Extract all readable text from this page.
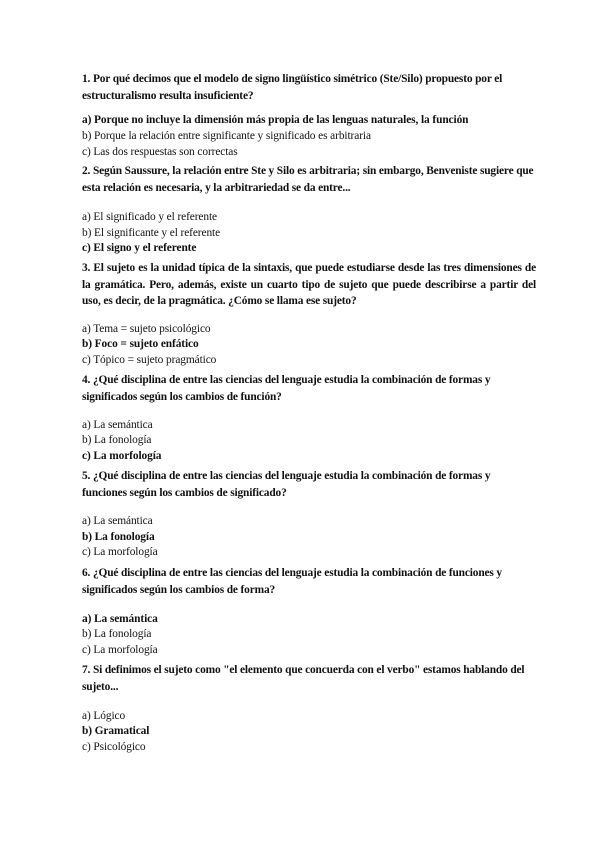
1. Por qué decimos que el modelo de signo lingüístico simétrico (Ste/Silo) propuesto por el estructuralismo resulta insuficiente?
a) Porque no incluye la dimensión más propia de las lenguas naturales, la función
b) Porque la relación entre significante y significado es arbitraria
c) Las dos respuestas son correctas
2. Según Saussure, la relación entre Ste y Silo es arbitraria; sin embargo, Benveniste sugiere que esta relación es necesaria, y la arbitrariedad se da entre...
a) El significado y el referente
b) El significante y el referente
c) El signo y el referente
3. El sujeto es la unidad típica de la sintaxis, que puede estudiarse desde las tres dimensiones de la gramática. Pero, además, existe un cuarto tipo de sujeto que puede describirse a partir del uso, es decir, de la pragmática. ¿Cómo se llama ese sujeto?
a) Tema = sujeto psicológico
b) Foco = sujeto enfático
c) Tópico = sujeto pragmático
4. ¿Qué disciplina de entre las ciencias del lenguaje estudia la combinación de formas y significados según los cambios de función?
a) La semántica
b) La fonología
c) La morfología
5. ¿Qué disciplina de entre las ciencias del lenguaje estudia la combinación de formas y funciones según los cambios de significado?
a) La semántica
b) La fonología
c) La morfología
6. ¿Qué disciplina de entre las ciencias del lenguaje estudia la combinación de funciones y significados según los cambios de forma?
a) La semántica
b) La fonología
c) La morfología
7. Si definimos el sujeto como "el elemento que concuerda con el verbo" estamos hablando del sujeto...
a) Lógico
b) Gramatical
c) Psicológico
